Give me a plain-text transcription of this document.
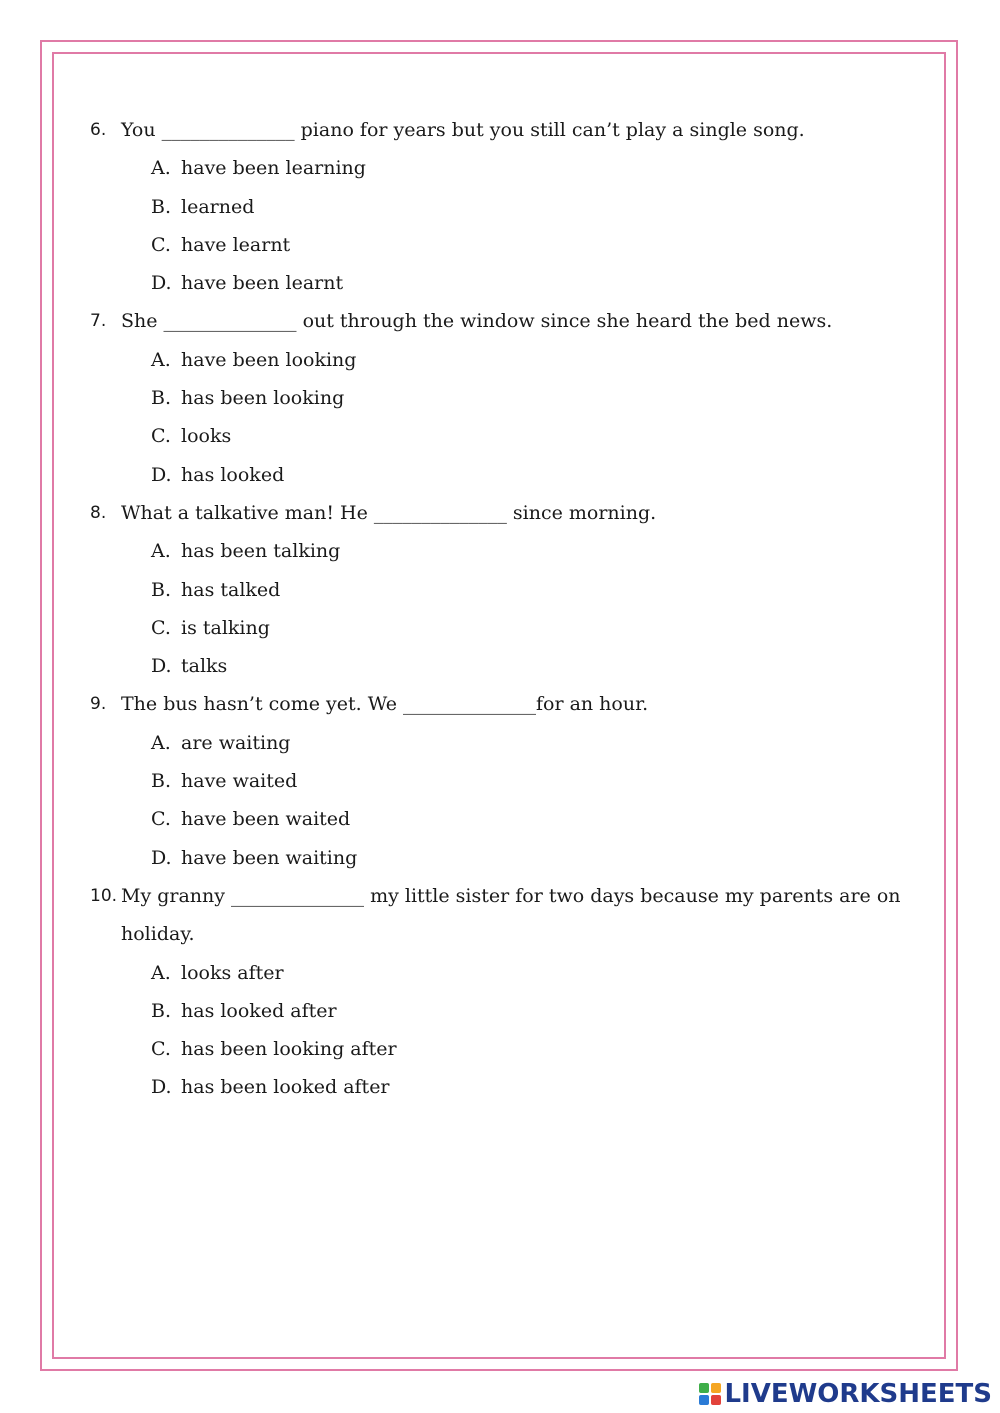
6. You ______________ piano for years but you still can’t play a single song.
A. have been learning
B. learned
C. have learnt
D. have been learnt
7. She ______________ out through the window since she heard the bed news.
A. have been looking
B. has been looking
C. looks
D. has looked
8. What a talkative man! He ______________ since morning.
A. has been talking
B. has talked
C. is talking
D. talks
9. The bus hasn’t come yet. We ______________for an hour.
A. are waiting
B. have waited
C. have been waited
D. have been waiting
10. My granny ______________ my little sister for two days because my parents are on
holiday.
A. looks after
B. has looked after
C. has been looking after
D. has been looked after
LIVEWORKSHEETS
